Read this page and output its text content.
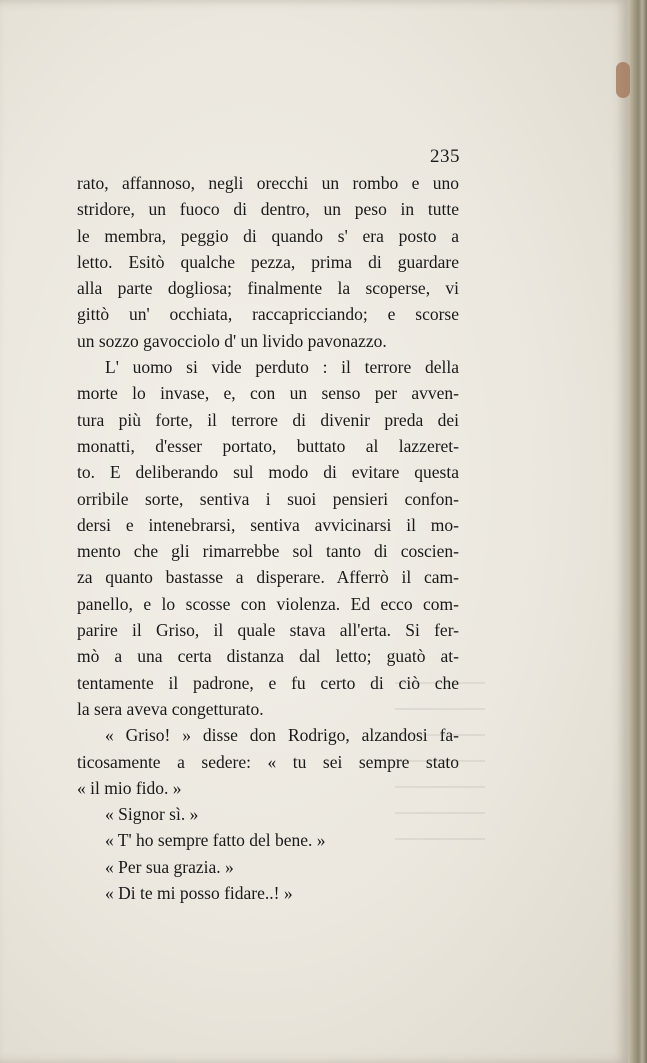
235
rato, affannoso, negli orecchi un rombo e uno
stridore, un fuoco di dentro, un peso in tutte
le membra, peggio di quando s' era posto a
letto. Esitò qualche pezza, prima di guardare
alla parte dogliosa; finalmente la scoperse, vi
gittò un' occhiata, raccapricciando; e scorse
un sozzo gavocciolo d' un livido pavonazzo.
L' uomo si vide perduto : il terrore della
morte lo invase, e, con un senso per avven-
tura più forte, il terrore di divenir preda dei
monatti, d'esser portato, buttato al lazzeret-
to. E deliberando sul modo di evitare questa
orribile sorte, sentiva i suoi pensieri confon-
dersi e intenebrarsi, sentiva avvicinarsi il mo-
mento che gli rimarrebbe sol tanto di coscien-
za quanto bastasse a disperare. Afferrò il cam-
panello, e lo scosse con violenza. Ed ecco com-
parire il Griso, il quale stava all'erta. Si fer-
mò a una certa distanza dal letto; guatò at-
tentamente il padrone, e fu certo di ciò che
la sera aveva congetturato.
« Griso! » disse don Rodrigo, alzandosi fa-
ticosamente a sedere: « tu sei sempre stato
« il mio fido. »
« Signor sì. »
« T' ho sempre fatto del bene. »
« Per sua grazia. »
« Di te mi posso fidare..! »
